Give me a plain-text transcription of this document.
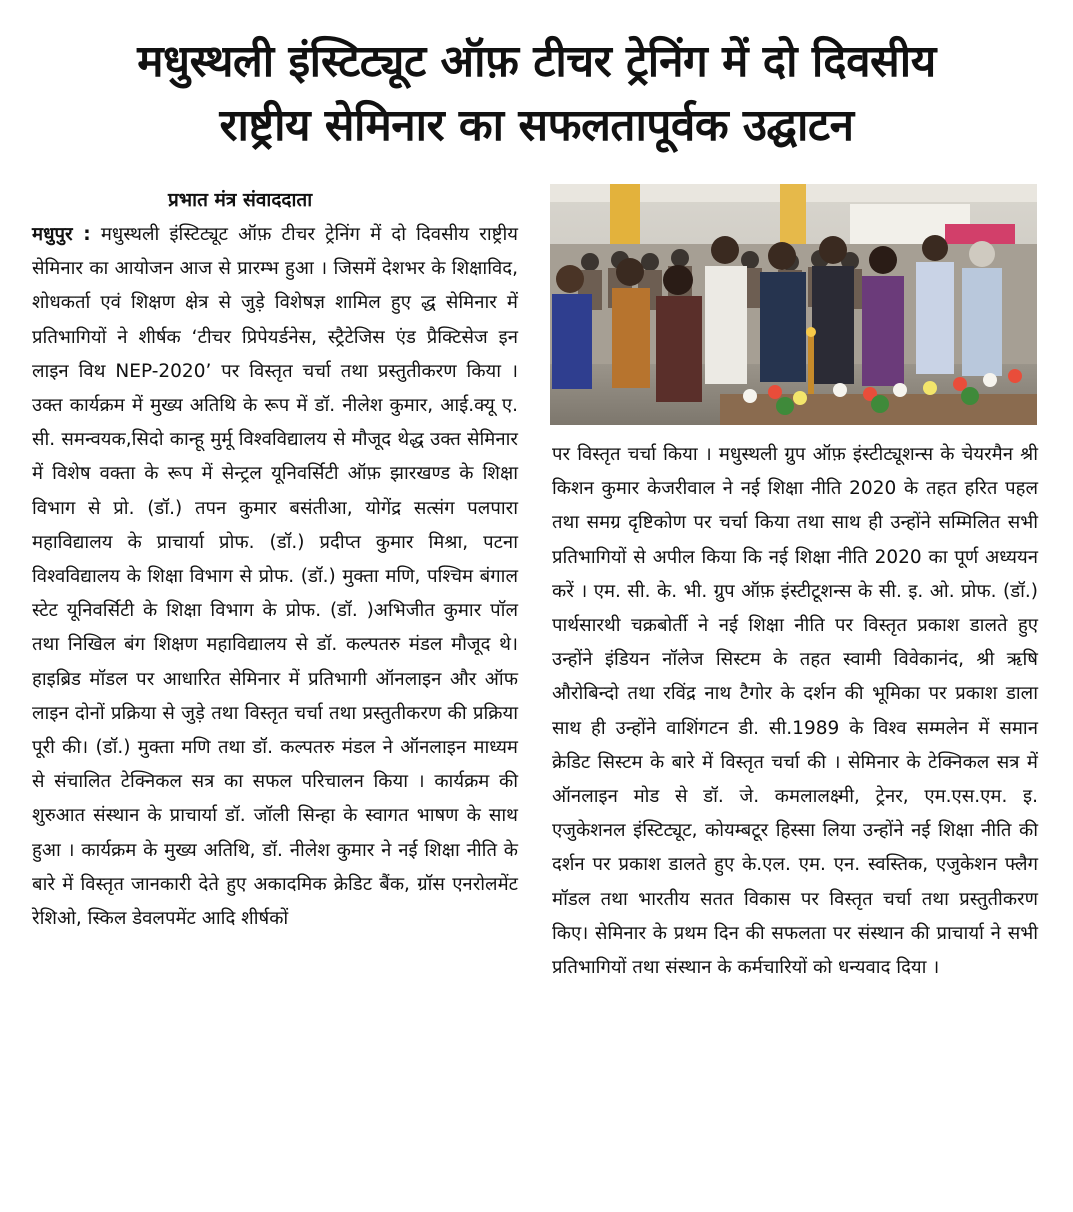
मधुस्थली इंस्टिट्यूट ऑफ़ टीचर ट्रेनिंग में दो दिवसीय
राष्ट्रीय सेमिनार का सफलतापूर्वक उद्घाटन
प्रभात मंत्र संवाददाता
मधुपुर : मधुस्थली इंस्टिट्यूट ऑफ़ टीचर ट्रेनिंग में दो दिवसीय राष्ट्रीय सेमिनार का आयोजन आज से प्रारम्भ हुआ । जिसमें देशभर के शिक्षाविद, शोधकर्ता एवं शिक्षण क्षेत्र से जुड़े विशेषज्ञ शामिल हुए द्ध सेमिनार में प्रतिभागियों ने शीर्षक ‘टीचर प्रिपेयर्डनेस, स्ट्रैटेजिस एंड प्रैक्टिसेज इन लाइन विथ NEP-2020’ पर विस्तृत चर्चा तथा प्रस्तुतीकरण किया । उक्त कार्यक्रम में मुख्य अतिथि के रूप में डॉ. नीलेश कुमार, आई.क्यू ए. सी. समन्वयक,सिदो कान्हू मुर्मू विश्वविद्यालय से मौजूद थेद्ध उक्त सेमिनार में विशेष वक्ता के रूप में सेन्ट्रल यूनिवर्सिटी ऑफ़ झारखण्ड के शिक्षा विभाग से प्रो. (डॉ.) तपन कुमार बसंतीआ, योगेंद्र सत्संग पलपारा महाविद्यालय के प्राचार्या प्रोफ. (डॉ.) प्रदीप्त कुमार मिश्रा, पटना विश्वविद्यालय के शिक्षा विभाग से प्रोफ. (डॉ.) मुक्ता मणि, पश्चिम बंगाल स्टेट यूनिवर्सिटी के शिक्षा विभाग के प्रोफ. (डॉ. )अभिजीत कुमार पॉल तथा निखिल बंग शिक्षण महाविद्यालय से डॉ. कल्पतरु मंडल मौजूद थे। हाइब्रिड मॉडल पर आधारित सेमिनार में प्रतिभागी ऑनलाइन और ऑफ लाइन दोनों प्रक्रिया से जुड़े तथा विस्तृत चर्चा तथा प्रस्तुतीकरण की प्रक्रिया पूरी की। (डॉ.) मुक्ता मणि तथा डॉ. कल्पतरु मंडल ने ऑनलाइन माध्यम से संचालित टेक्निकल सत्र का सफल परिचालन किया । कार्यक्रम की शुरुआत संस्थान के प्राचार्या डॉ. जॉली सिन्हा के स्वागत भाषण के साथ हुआ । कार्यक्रम के मुख्य अतिथि, डॉ. नीलेश कुमार ने नई शिक्षा नीति के बारे में विस्तृत जानकारी देते हुए अकादमिक क्रेडिट बैंक, ग्रॉस एनरोलमेंट रेशिओ, स्किल डेवलपमेंट आदि शीर्षकों
पर विस्तृत चर्चा किया । मधुस्थली ग्रुप ऑफ़ इंस्टीट्यूशन्स के चेयरमैन श्री किशन कुमार केजरीवाल ने नई शिक्षा नीति 2020 के तहत हरित पहल तथा समग्र दृष्टिकोण पर चर्चा किया तथा साथ ही उन्होंने सम्मिलित सभी प्रतिभागियों से अपील किया कि नई शिक्षा नीति 2020 का पूर्ण अध्ययन करें । एम. सी. के. भी. ग्रुप ऑफ़ इंस्टीटूशन्स के सी. इ. ओ. प्रोफ. (डॉ.) पार्थसारथी चक्रबोर्ती ने नई शिक्षा नीति पर विस्तृत प्रकाश डालते हुए उन्होंने इंडियन नॉलेज सिस्टम के तहत स्वामी विवेकानंद, श्री ऋषि औरोबिन्दो तथा रविंद्र नाथ टैगोर के दर्शन की भूमिका पर प्रकाश डाला साथ ही उन्होंने वाशिंगटन डी. सी.1989 के विश्व सम्मलेन में समान क्रेडिट सिस्टम के बारे में विस्तृत चर्चा की । सेमिनार के टेक्निकल सत्र में ऑनलाइन मोड से डॉ. जे. कमलालक्ष्मी, ट्रेनर, एम.एस.एम. इ. एजुकेशनल इंस्टिट्यूट, कोयम्बटूर हिस्सा लिया उन्होंने नई शिक्षा नीति की दर्शन पर प्रकाश डालते हुए के.एल. एम. एन. स्वस्तिक, एजुकेशन फ्लैग मॉडल तथा भारतीय सतत विकास पर विस्तृत चर्चा तथा प्रस्तुतीकरण किए। सेमिनार के प्रथम दिन की सफलता पर संस्थान की प्राचार्या ने सभी प्रतिभागियों तथा संस्थान के कर्मचारियों को धन्यवाद दिया ।
